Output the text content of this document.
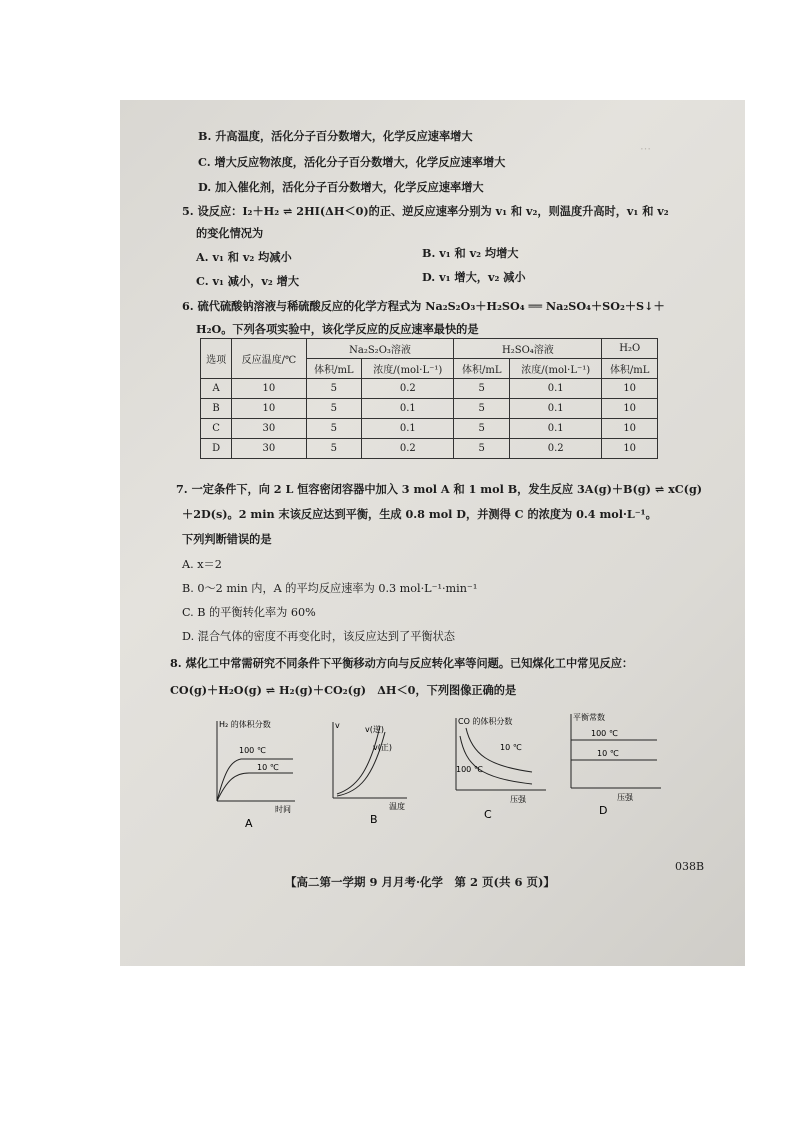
⋯
B. 升高温度，活化分子百分数增大，化学反应速率增大
C. 增大反应物浓度，活化分子百分数增大，化学反应速率增大
D. 加入催化剂，活化分子百分数增大，化学反应速率增大
5. 设反应：I₂＋H₂ ⇌ 2HI(ΔH＜0)的正、逆反应速率分别为 v₁ 和 v₂，则温度升高时，v₁ 和 v₂
的变化情况为
A. v₁ 和 v₂ 均减小	B. v₁ 和 v₂ 均增大
C. v₁ 减小，v₂ 增大	D. v₁ 增大，v₂ 减小
6. 硫代硫酸钠溶液与稀硫酸反应的化学方程式为 Na₂S₂O₃＋H₂SO₄ ══ Na₂SO₄＋SO₂＋S↓＋
H₂O。下列各项实验中，该化学反应的反应速率最快的是
7. 一定条件下，向 2 L 恒容密闭容器中加入 3 mol A 和 1 mol B，发生反应 3A(g)＋B(g) ⇌ xC(g)
＋2D(s)。2 min 末该反应达到平衡，生成 0.8 mol D，并测得 C 的浓度为 0.4 mol·L⁻¹。
下列判断错误的是
A. x＝2
B. 0～2 min 内，A 的平均反应速率为 0.3 mol·L⁻¹·min⁻¹
C. B 的平衡转化率为 60%
D. 混合气体的密度不再变化时，该反应达到了平衡状态
8. 煤化工中常需研究不同条件下平衡移动方向与反应转化率等问题。已知煤化工中常见反应：
CO(g)＋H₂O(g) ⇌ H₂(g)＋CO₂(g)　ΔH＜0，下列图像正确的是
选项	反应温度/℃	Na₂S₂O₃溶液		H₂SO₄溶液		H₂O
		体积/mL	浓度/(mol·L⁻¹)	体积/mL	浓度/(mol·L⁻¹)	体积/mL
A	10	5	0.2	5	0.1	10
B	10	5	0.1	5	0.1	10
C	30	5	0.1	5	0.1	10
D	30	5	0.2	5	0.2	10
H₂ 的体积分数
100 ℃
10 ℃
时间
A
v	v(逆)
v(正)
温度
B
CO 的体积分数
10 ℃
100 ℃
压强
C
平衡常数
100 ℃
10 ℃
压强
D
【高二第一学期 9 月月考·化学　第 2 页(共 6 页)】
038B
